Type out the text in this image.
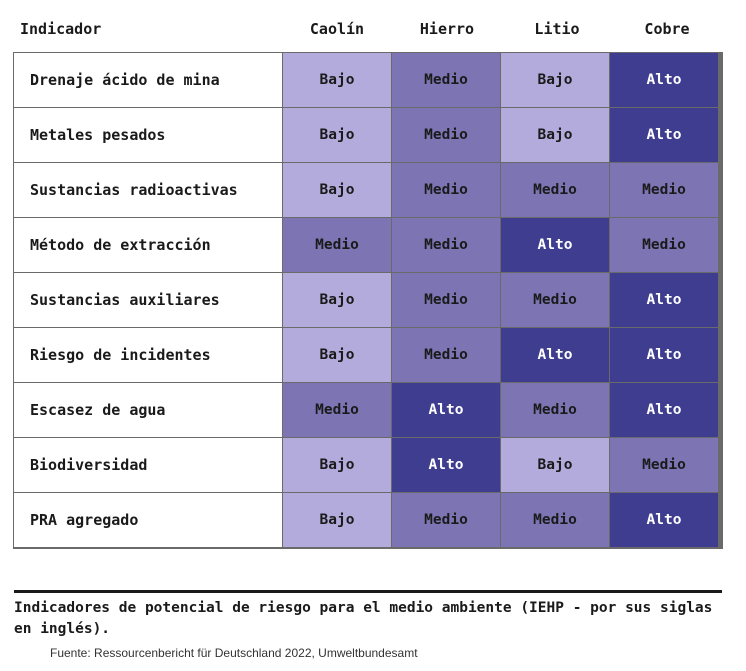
Indicador	Caolín	Hierro	Litio	Cobre
Drenaje ácido de mina	Bajo	Medio	Bajo	Alto
Metales pesados	Bajo	Medio	Bajo	Alto
Sustancias radioactivas	Bajo	Medio	Medio	Medio
Método de extracción	Medio	Medio	Alto	Medio
Sustancias auxiliares	Bajo	Medio	Medio	Alto
Riesgo de incidentes	Bajo	Medio	Alto	Alto
Escasez de agua	Medio	Alto	Medio	Alto
Biodiversidad	Bajo	Alto	Bajo	Medio
PRA agregado	Bajo	Medio	Medio	Alto
Indicadores de potencial de riesgo para el medio ambiente (IEHP - por sus siglas en inglés).
Fuente: Ressourcenbericht für Deutschland 2022, Umweltbundesamt
